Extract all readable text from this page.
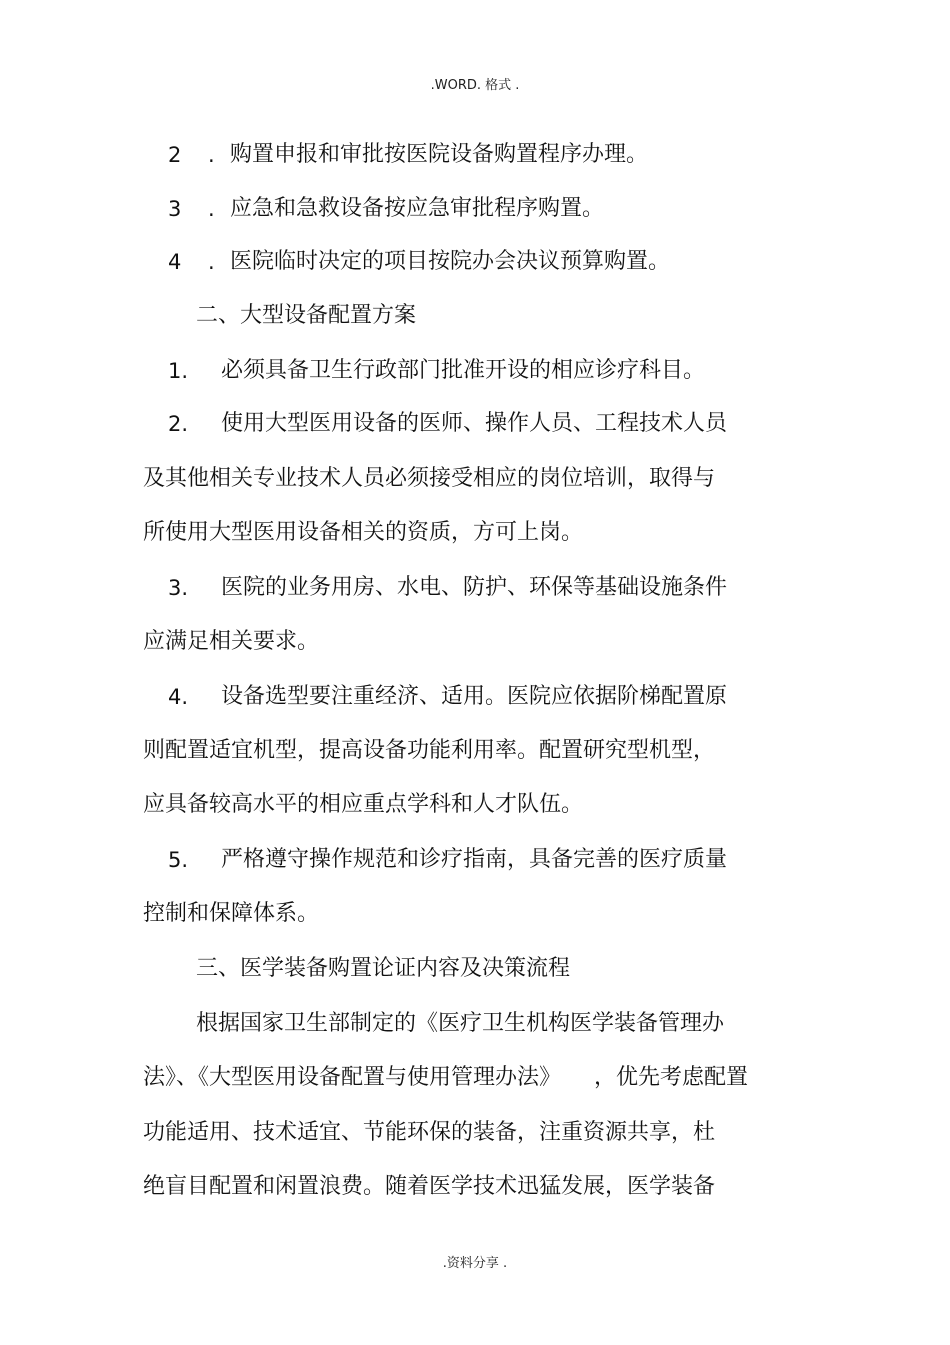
.WORD. 格式 .
2 . 购置申报和审批按医院设备购置程序办理。
3 . 应急和急救设备按应急审批程序购置。
4 . 医院临时决定的项目按院办会决议预算购置。
二、大型设备配置方案
1. 必须具备卫生行政部门批准开设的相应诊疗科目。
2. 使用大型医用设备的医师、操作人员、工程技术人员
及其他相关专业技术人员必须接受相应的岗位培训，取得与
所使用大型医用设备相关的资质，方可上岗。
3. 医院的业务用房、水电、防护、环保等基础设施条件
应满足相关要求。
4. 设备选型要注重经济、适用。医院应依据阶梯配置原
则配置适宜机型，提高设备功能利用率。配置研究型机型，
应具备较高水平的相应重点学科和人才队伍。
5. 严格遵守操作规范和诊疗指南，具备完善的医疗质量
控制和保障体系。
三、医学装备购置论证内容及决策流程
根据国家卫生部制定的《医疗卫生机构医学装备管理办
法》、《大型医用设备配置与使用管理办法》　　，优先考虑配置
功能适用、技术适宜、节能环保的装备，注重资源共享，杜
绝盲目配置和闲置浪费。随着医学技术迅猛发展，医学装备
.资料分享 .
